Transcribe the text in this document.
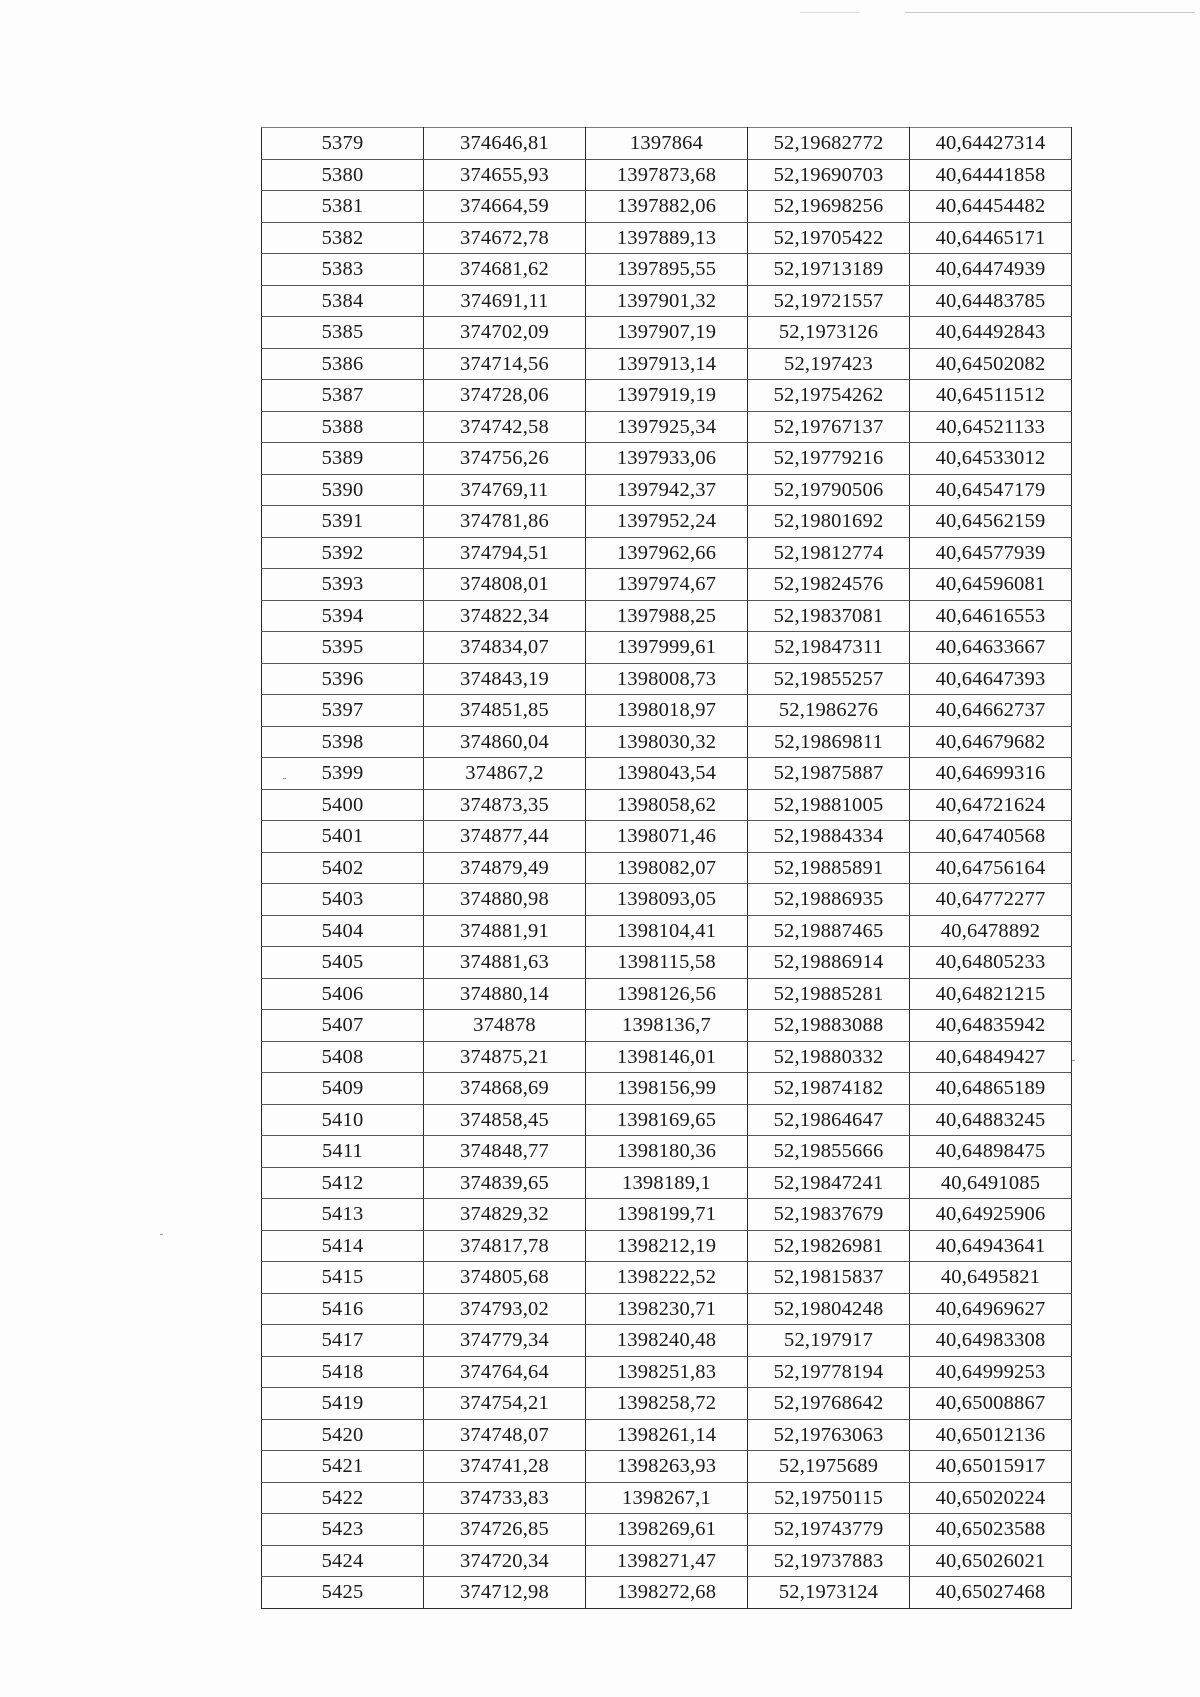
5379	374646,81	1397864	52,19682772	40,64427314
5380	374655,93	1397873,68	52,19690703	40,64441858
5381	374664,59	1397882,06	52,19698256	40,64454482
5382	374672,78	1397889,13	52,19705422	40,64465171
5383	374681,62	1397895,55	52,19713189	40,64474939
5384	374691,11	1397901,32	52,19721557	40,64483785
5385	374702,09	1397907,19	52,1973126	40,64492843
5386	374714,56	1397913,14	52,197423	40,64502082
5387	374728,06	1397919,19	52,19754262	40,64511512
5388	374742,58	1397925,34	52,19767137	40,64521133
5389	374756,26	1397933,06	52,19779216	40,64533012
5390	374769,11	1397942,37	52,19790506	40,64547179
5391	374781,86	1397952,24	52,19801692	40,64562159
5392	374794,51	1397962,66	52,19812774	40,64577939
5393	374808,01	1397974,67	52,19824576	40,64596081
5394	374822,34	1397988,25	52,19837081	40,64616553
5395	374834,07	1397999,61	52,19847311	40,64633667
5396	374843,19	1398008,73	52,19855257	40,64647393
5397	374851,85	1398018,97	52,1986276	40,64662737
5398	374860,04	1398030,32	52,19869811	40,64679682
5399	374867,2	1398043,54	52,19875887	40,64699316
5400	374873,35	1398058,62	52,19881005	40,64721624
5401	374877,44	1398071,46	52,19884334	40,64740568
5402	374879,49	1398082,07	52,19885891	40,64756164
5403	374880,98	1398093,05	52,19886935	40,64772277
5404	374881,91	1398104,41	52,19887465	40,6478892
5405	374881,63	1398115,58	52,19886914	40,64805233
5406	374880,14	1398126,56	52,19885281	40,64821215
5407	374878	1398136,7	52,19883088	40,64835942
5408	374875,21	1398146,01	52,19880332	40,64849427
5409	374868,69	1398156,99	52,19874182	40,64865189
5410	374858,45	1398169,65	52,19864647	40,64883245
5411	374848,77	1398180,36	52,19855666	40,64898475
5412	374839,65	1398189,1	52,19847241	40,6491085
5413	374829,32	1398199,71	52,19837679	40,64925906
5414	374817,78	1398212,19	52,19826981	40,64943641
5415	374805,68	1398222,52	52,19815837	40,6495821
5416	374793,02	1398230,71	52,19804248	40,64969627
5417	374779,34	1398240,48	52,197917	40,64983308
5418	374764,64	1398251,83	52,19778194	40,64999253
5419	374754,21	1398258,72	52,19768642	40,65008867
5420	374748,07	1398261,14	52,19763063	40,65012136
5421	374741,28	1398263,93	52,1975689	40,65015917
5422	374733,83	1398267,1	52,19750115	40,65020224
5423	374726,85	1398269,61	52,19743779	40,65023588
5424	374720,34	1398271,47	52,19737883	40,65026021
5425	374712,98	1398272,68	52,1973124	40,65027468
